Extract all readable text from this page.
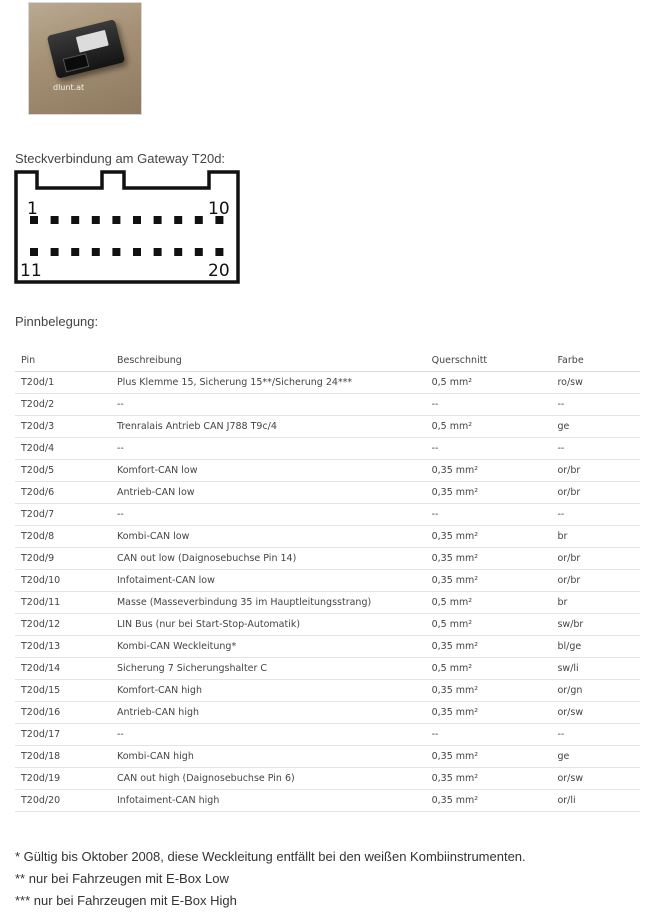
dlunt.at
Steckverbindung am Gateway T20d:
1	10
11	20
Pinnbelegung:
Pin	Beschreibung	Querschnitt	Farbe
T20d/1	Plus Klemme 15, Sicherung 15**/Sicherung 24***	0,5 mm²	ro/sw
T20d/2	--	--	--
T20d/3	Trenralais Antrieb CAN J788 T9c/4	0,5 mm²	ge
T20d/4	--	--	--
T20d/5	Komfort-CAN low	0,35 mm²	or/br
T20d/6	Antrieb-CAN low	0,35 mm²	or/br
T20d/7	--	--	--
T20d/8	Kombi-CAN low	0,35 mm²	br
T20d/9	CAN out low (Daignosebuchse Pin 14)	0,35 mm²	or/br
T20d/10	Infotaiment-CAN low	0,35 mm²	or/br
T20d/11	Masse (Masseverbindung 35 im Hauptleitungsstrang)	0,5 mm²	br
T20d/12	LIN Bus (nur bei Start-Stop-Automatik)	0,5 mm²	sw/br
T20d/13	Kombi-CAN Weckleitung*	0,35 mm²	bl/ge
T20d/14	Sicherung 7 Sicherungshalter C	0,5 mm²	sw/li
T20d/15	Komfort-CAN high	0,35 mm²	or/gn
T20d/16	Antrieb-CAN high	0,35 mm²	or/sw
T20d/17	--	--	--
T20d/18	Kombi-CAN high	0,35 mm²	ge
T20d/19	CAN out high (Daignosebuchse Pin 6)	0,35 mm²	or/sw
T20d/20	Infotaiment-CAN high	0,35 mm²	or/li
* Gültig bis Oktober 2008, diese Weckleitung entfällt bei den weißen Kombiinstrumenten.
** nur bei Fahrzeugen mit E-Box Low
*** nur bei Fahrzeugen mit E-Box High
